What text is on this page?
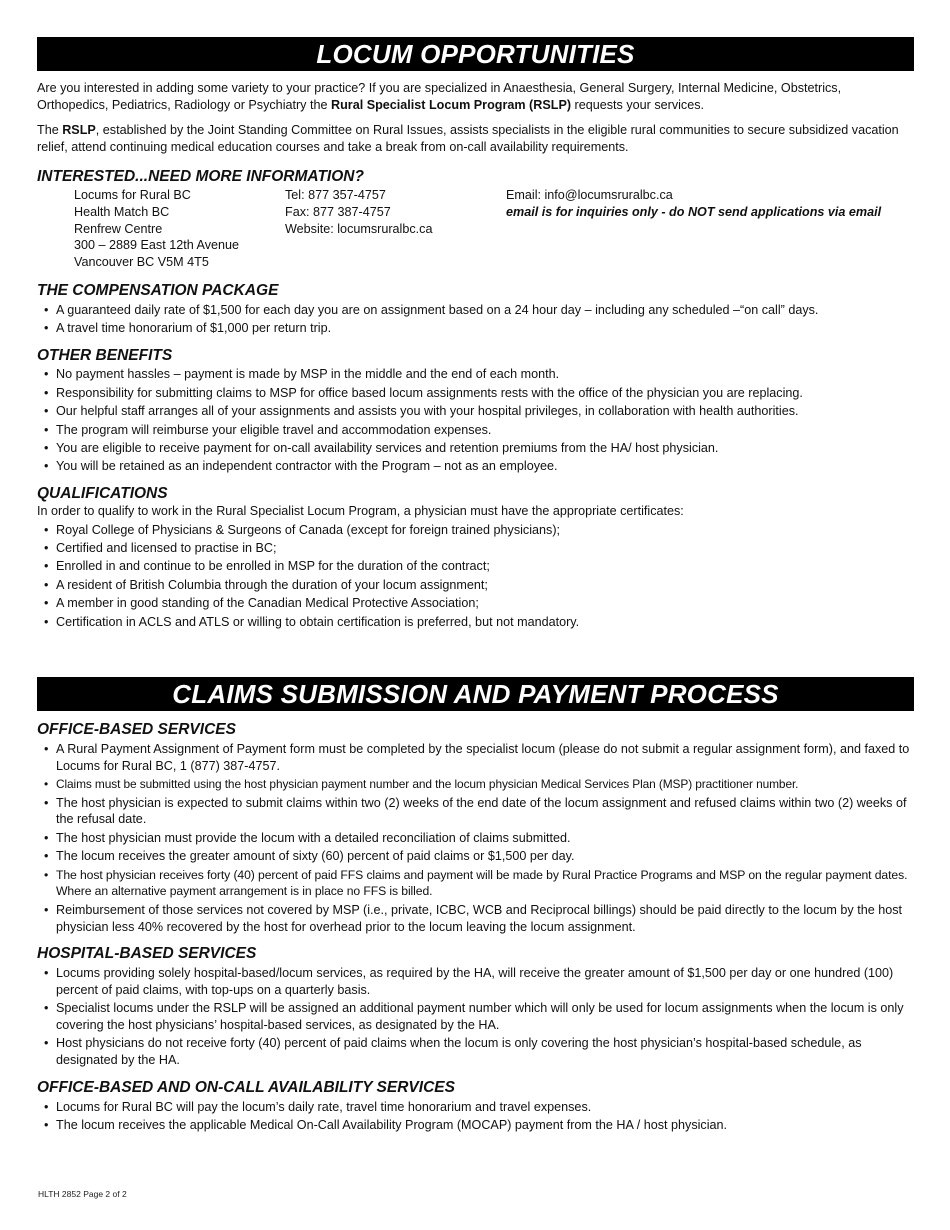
LOCUM OPPORTUNITIES

Are you interested in adding some variety to your practice? If you are specialized in Anaesthesia, General Surgery, Internal Medicine, Obstetrics, Orthopedics, Pediatrics, Radiology or Psychiatry the Rural Specialist Locum Program (RSLP) requests your services.

The RSLP, established by the Joint Standing Committee on Rural Issues, assists specialists in the eligible rural communities to secure subsidized vacation relief, attend continuing medical education courses and take a break from on-call availability requirements.

INTERESTED...NEED MORE INFORMATION?
Locums for Rural BC
Health Match BC
Renfrew Centre
300 – 2889 East 12th Avenue
Vancouver BC V5M 4T5
Tel: 877 357-4757
Fax: 877 387-4757
Website: locumsruralbc.ca
Email: info@locumsruralbc.ca
email is for inquiries only - do NOT send applications via email
THE COMPENSATION PACKAGE
• A guaranteed daily rate of $1,500 for each day you are on assignment based on a 24 hour day – including any scheduled –“on call” days.
• A travel time honorarium of $1,000 per return trip.
OTHER BENEFITS
• No payment hassles – payment is made by MSP in the middle and the end of each month.
• Responsibility for submitting claims to MSP for office based locum assignments rests with the office of the physician you are replacing.
• Our helpful staff arranges all of your assignments and assists you with your hospital privileges, in collaboration with health authorities.
• The program will reimburse your eligible travel and accommodation expenses.
• You are eligible to receive payment for on-call availability services and retention premiums from the HA/ host physician.
• You will be retained as an independent contractor with the Program – not as an employee.
QUALIFICATIONS

In order to qualify to work in the Rural Specialist Locum Program, a physician must have the appropriate certificates:

• Royal College of Physicians & Surgeons of Canada (except for foreign trained physicians);
• Certified and licensed to practise in BC;
• Enrolled in and continue to be enrolled in MSP for the duration of the contract;
• A resident of British Columbia through the duration of your locum assignment;
• A member in good standing of the Canadian Medical Protective Association;
• Certification in ACLS and ATLS or willing to obtain certification is preferred, but not mandatory.
CLAIMS SUBMISSION AND PAYMENT PROCESS
OFFICE-BASED SERVICES
• A Rural Payment Assignment of Payment form must be completed by the specialist locum (please do not submit a regular assignment form), and faxed to Locums for Rural BC, 1 (877) 387-4757.
• Claims must be submitted using the host physician payment number and the locum physician Medical Services Plan (MSP) practitioner number.
• The host physician is expected to submit claims within two (2) weeks of the end date of the locum assignment and refused claims within two (2) weeks of the refusal date.
• The host physician must provide the locum with a detailed reconciliation of claims submitted.
• The locum receives the greater amount of sixty (60) percent of paid claims or $1,500 per day.
• The host physician receives forty (40) percent of paid FFS claims and payment will be made by Rural Practice Programs and MSP on the regular payment dates. Where an alternative payment arrangement is in place no FFS is billed.
• Reimbursement of those services not covered by MSP (i.e., private, ICBC, WCB and Reciprocal billings) should be paid directly to the locum by the host physician less 40% recovered by the host for overhead prior to the locum leaving the locum assignment.
HOSPITAL-BASED SERVICES
• Locums providing solely hospital-based/locum services, as required by the HA, will receive the greater amount of $1,500 per day or one hundred (100) percent of paid claims, with top-ups on a quarterly basis.
• Specialist locums under the RSLP will be assigned an additional payment number which will only be used for locum assignments when the locum is only covering the host physicians’ hospital-based services, as designated by the HA.
• Host physicians do not receive forty (40) percent of paid claims when the locum is only covering the host physician’s hospital-based schedule, as designated by the HA.
OFFICE-BASED AND ON-CALL AVAILABILITY SERVICES
• Locums for Rural BC will pay the locum’s daily rate, travel time honorarium and travel expenses.
• The locum receives the applicable Medical On-Call Availability Program (MOCAP) payment from the HA / host physician.
HLTH 2852 Page 2 of 2
